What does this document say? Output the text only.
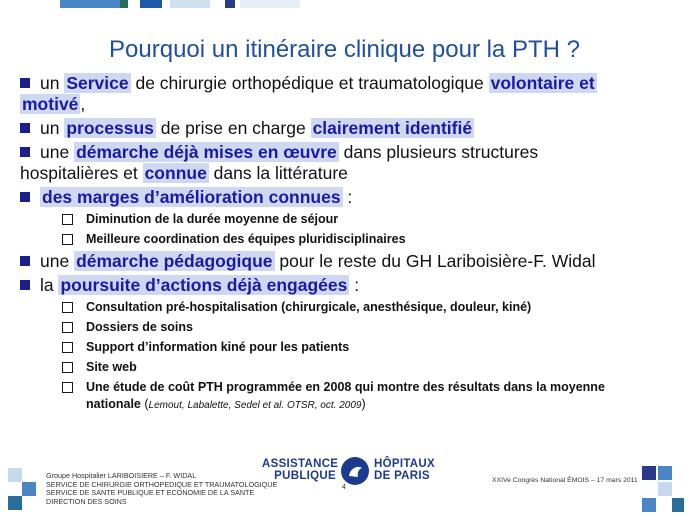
Pourquoi un itinéraire clinique pour la PTH ?
un Service de chirurgie orthopédique et traumatologique volontaire et
motivé ,
un processus de prise en charge clairement identifié
une démarche déjà mises en œuvre dans plusieurs structures
hospitalières et connue dans la littérature
des marges d’amélioration connues :
Diminution de la durée moyenne de séjour
Meilleure coordination des équipes pluridisciplinaires
une démarche pédagogique pour le reste du GH Lariboisière-F. Widal
la poursuite d’actions déjà engagées :
Consultation pré-hospitalisation (chirurgicale, anesthésique, douleur, kiné)
Dossiers de soins
Support d’information kiné pour les patients
Site web
Une étude de coût PTH programmée en 2008 qui montre des résultats dans la moyenne
nationale (Lemout, Labalette, Sedel et al. OTSR, oct. 2009)
Groupe Hospitalier LARIBOISIERE – F. WIDAL
SERVICE DE CHIRURGIE ORTHOPEDIQUE ET TRAUMATOLOGIQUE
SERVICE DE SANTE PUBLIQUE ET ECONOMIE DE LA SANTE
DIRECTION DES SOINS
ASSISTANCE
PUBLIQUE
HÔPITAUX
DE PARIS
4
XXIVe Congrès National ÉMOIS – 17 mars 2011
